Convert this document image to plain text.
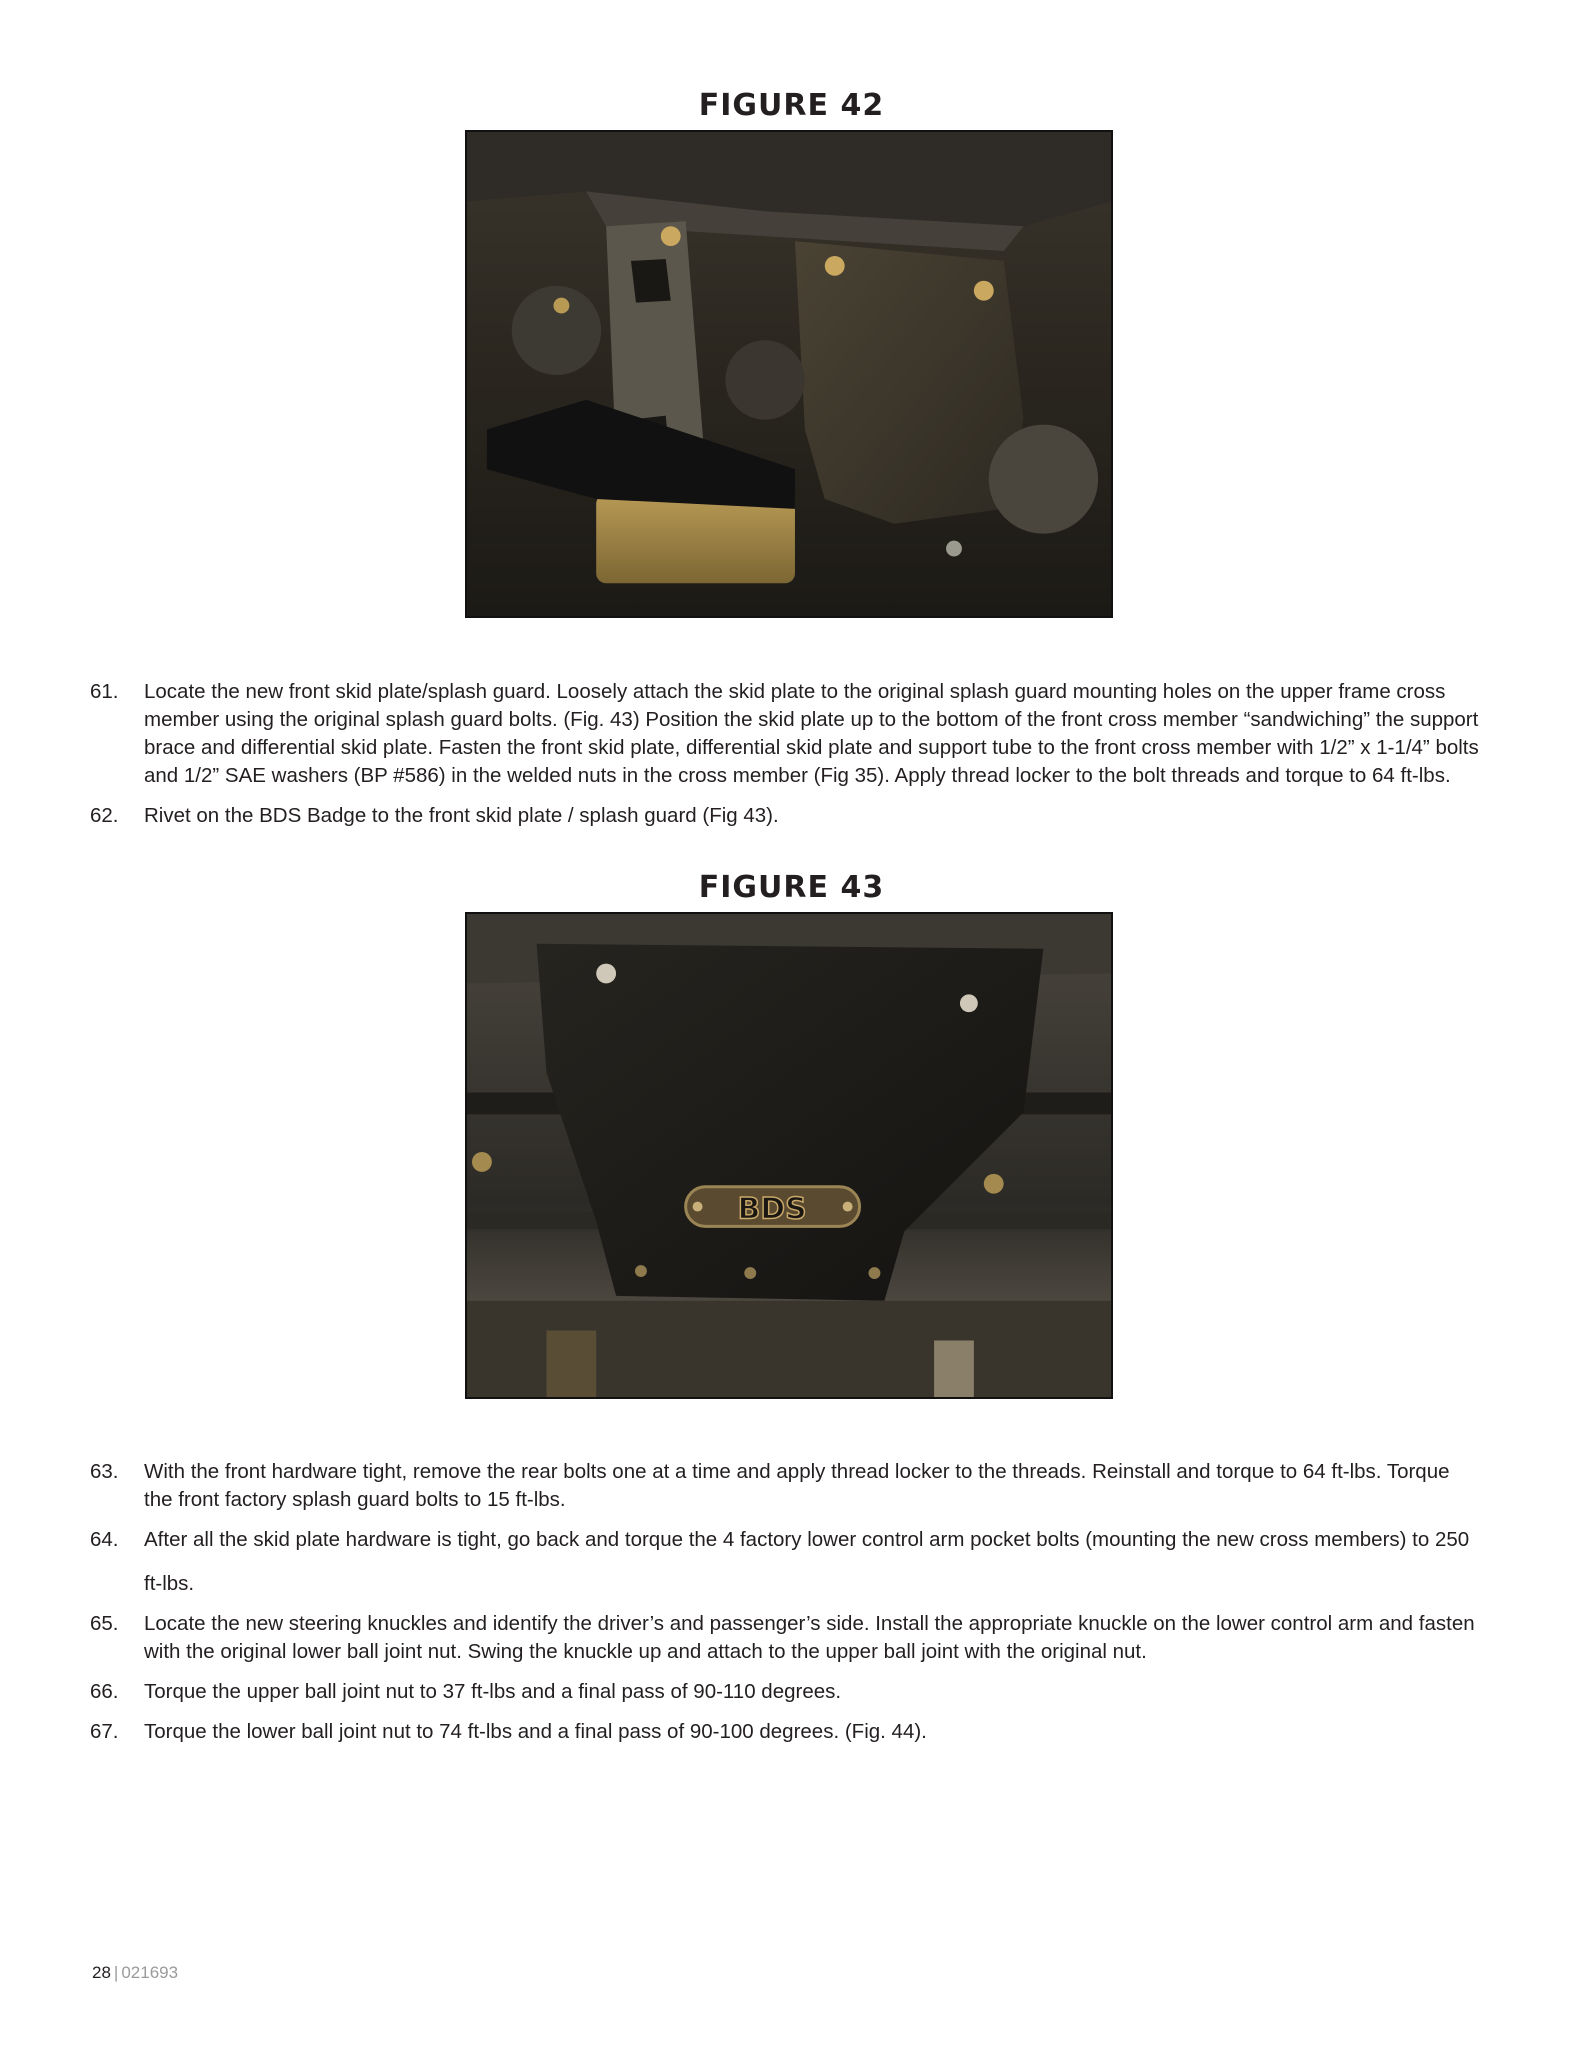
FIGURE 42
61.	Locate the new front skid plate/splash guard. Loosely attach the skid plate to the original splash guard mounting holes on the upper frame cross member using the original splash guard bolts. (Fig. 43) Position the skid plate up to the bottom of the front cross member “sandwiching” the support brace and differential skid plate. Fasten the front skid plate, differential skid plate and support tube to the front cross member with 1/2” x 1-1/4” bolts and 1/2” SAE washers (BP #586) in the welded nuts in the cross member (Fig 35). Apply thread locker to the bolt threads and torque to 64 ft-lbs.
62.	Rivet on the BDS Badge to the front skid plate / splash guard (Fig 43).
FIGURE 43
BDS
63.	With the front hardware tight, remove the rear bolts one at a time and apply thread locker to the threads. Reinstall and torque to 64 ft-lbs. Torque the front factory splash guard bolts to 15 ft-lbs.
64.	After all the skid plate hardware is tight, go back and torque the 4 factory lower control arm pocket bolts (mounting the new cross members) to 250 ft-lbs.
65.	Locate the new steering knuckles and identify the driver’s and passenger’s side. Install the appropriate knuckle on the lower control arm and fasten with the original lower ball joint nut. Swing the knuckle up and attach to the upper ball joint with the original nut.
66.	Torque the upper ball joint nut to 37 ft-lbs and a final pass of 90-110 degrees.
67.	Torque the lower ball joint nut to 74 ft-lbs and a final pass of 90-100 degrees. (Fig. 44).
28 | 021693
